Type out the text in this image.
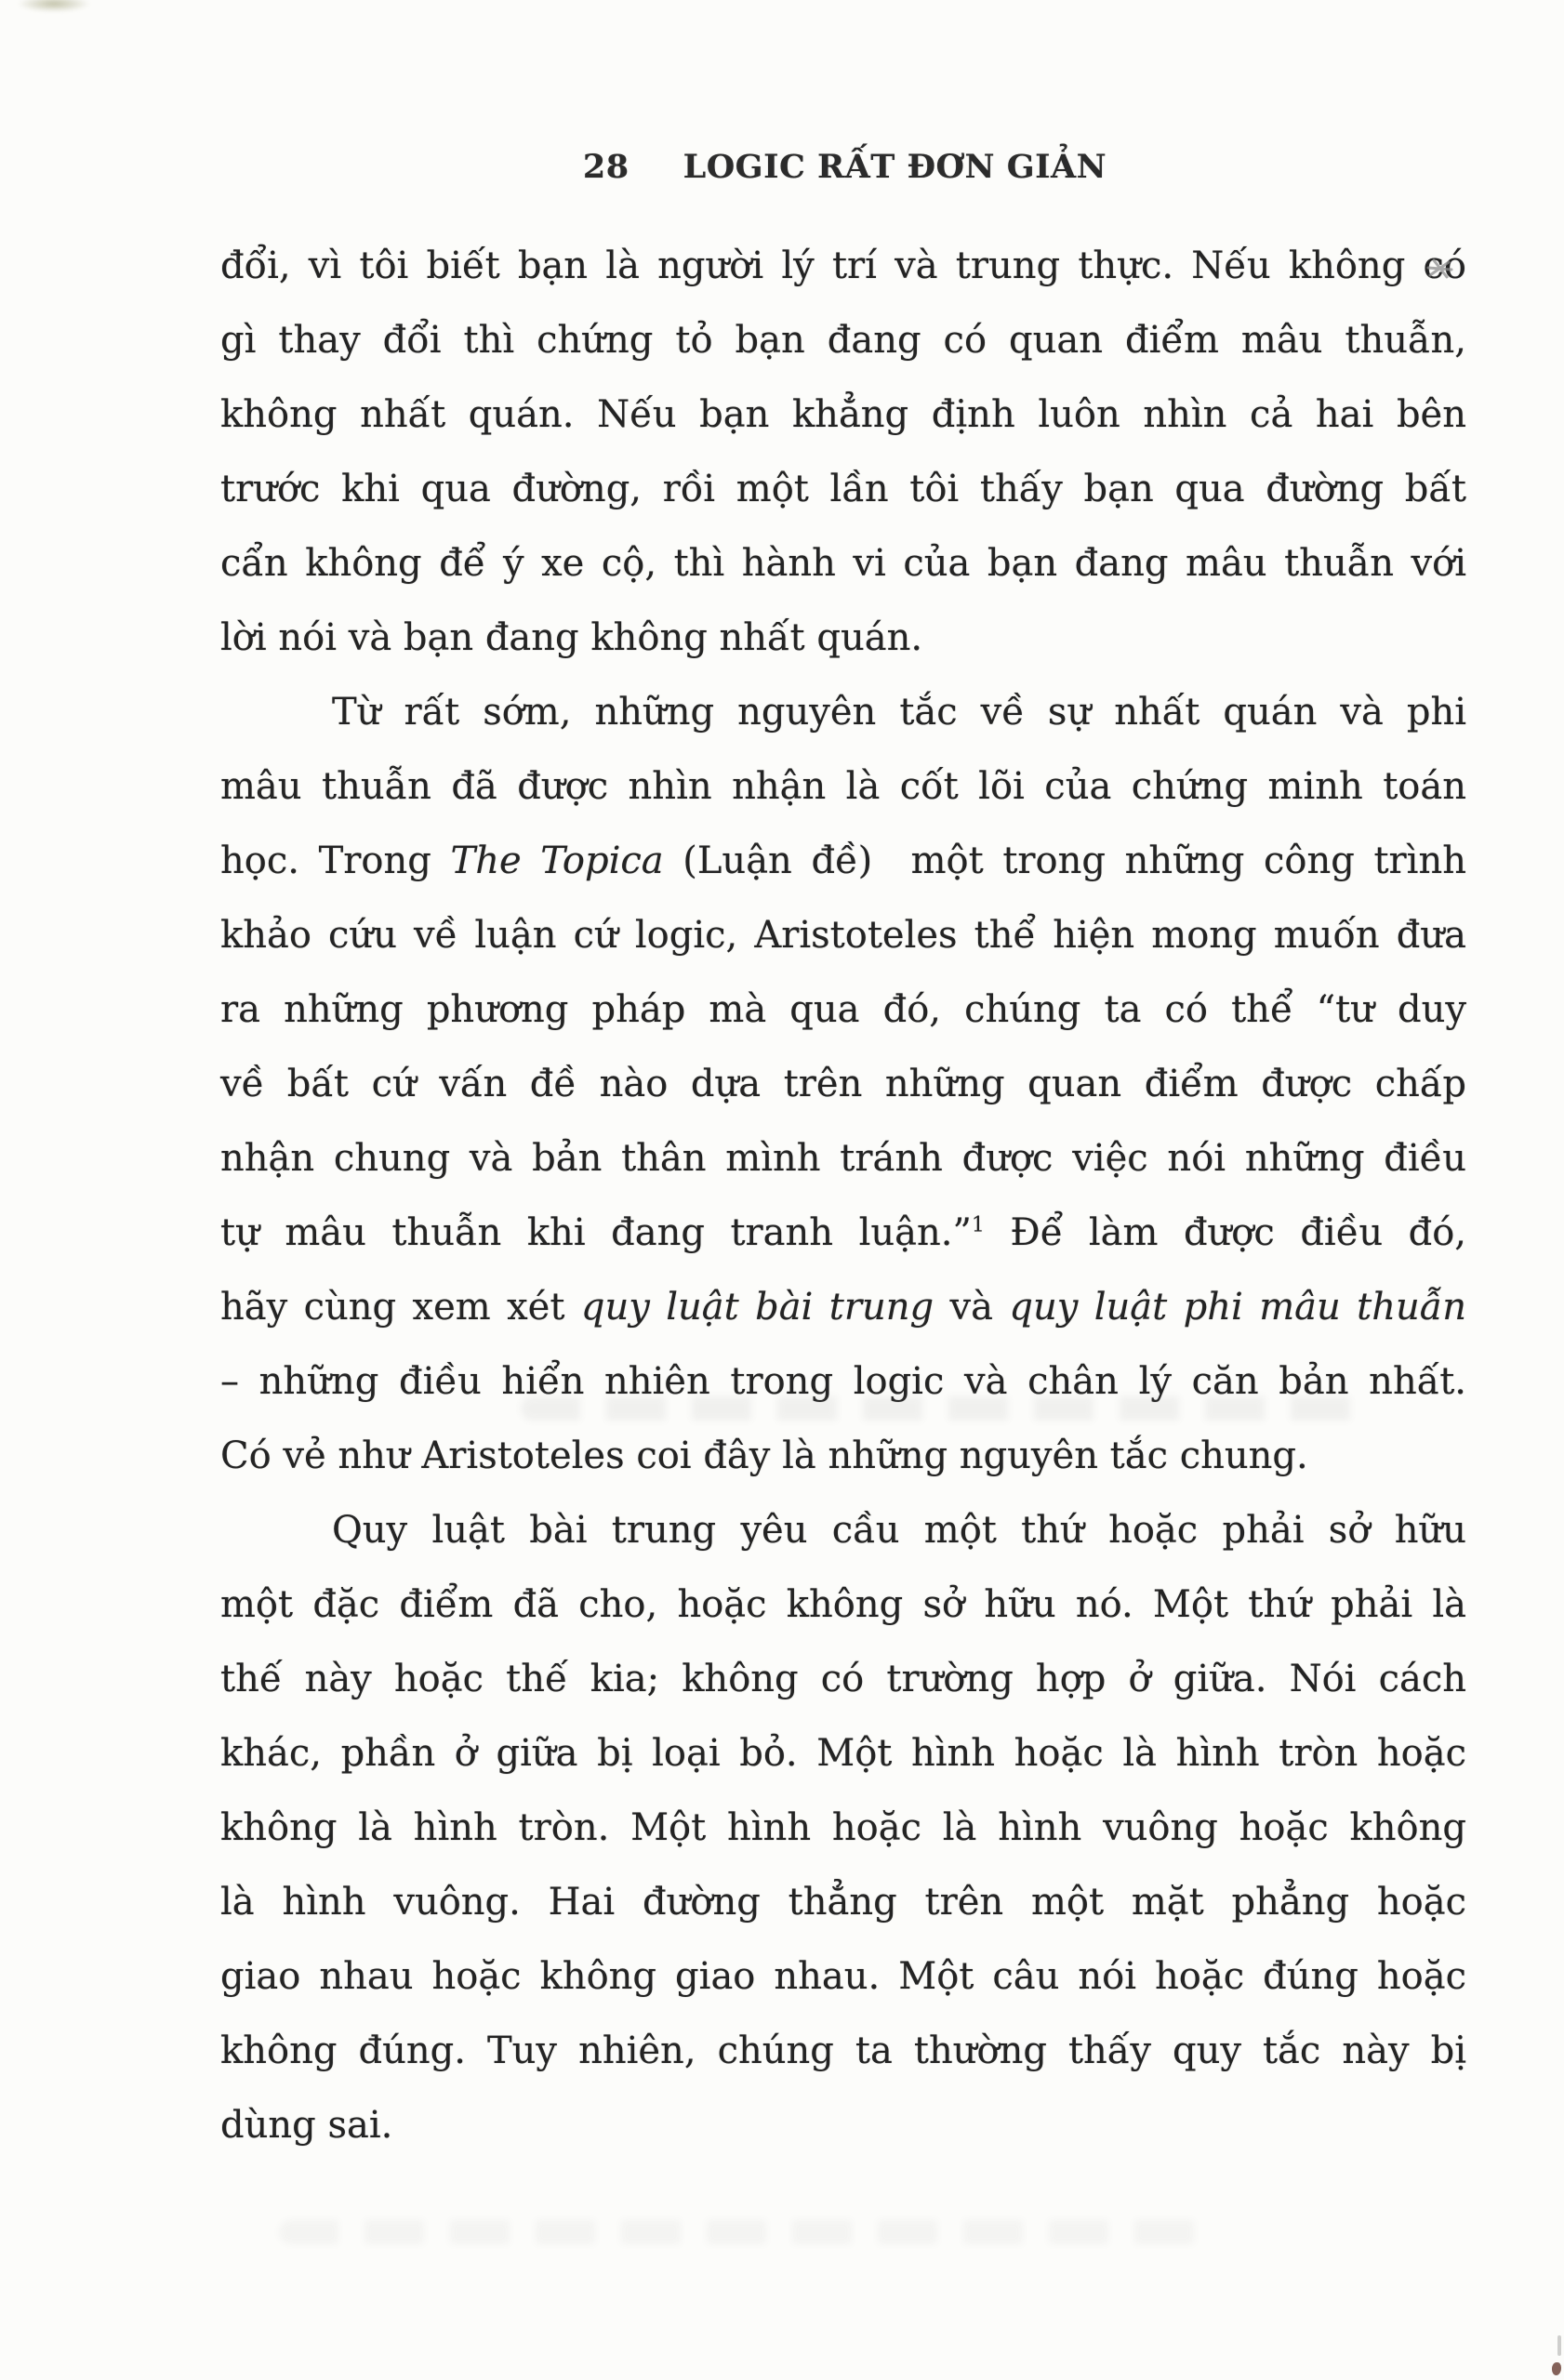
28 LOGIC RẤT ĐƠN GIẢN
đổi, vì tôi biết bạn là người lý trí và trung thực. Nếu không có
gì thay đổi thì chứng tỏ bạn đang có quan điểm mâu thuẫn,
không nhất quán. Nếu bạn khẳng định luôn nhìn cả hai bên
trước khi qua đường, rồi một lần tôi thấy bạn qua đường bất
cẩn không để ý xe cộ, thì hành vi của bạn đang mâu thuẫn với
lời nói và bạn đang không nhất quán.
Từ rất sớm, những nguyên tắc về sự nhất quán và phi
mâu thuẫn đã được nhìn nhận là cốt lõi của chứng minh toán
học. Trong The Topica (Luận đề)  một trong những công trình
khảo cứu về luận cứ logic, Aristoteles thể hiện mong muốn đưa
ra những phương pháp mà qua đó, chúng ta có thể “tư duy
về bất cứ vấn đề nào dựa trên những quan điểm được chấp
nhận chung và bản thân mình tránh được việc nói những điều
tự mâu thuẫn khi đang tranh luận.”$^1$ Để làm được điều đó,
hãy cùng xem xét quy luật bài trung và quy luật phi mâu thuẫn
– những điều hiển nhiên trong logic và chân lý căn bản nhất.
Có vẻ như Aristoteles coi đây là những nguyên tắc chung.
Quy luật bài trung yêu cầu một thứ hoặc phải sở hữu
một đặc điểm đã cho, hoặc không sở hữu nó. Một thứ phải là
thế này hoặc thế kia; không có trường hợp ở giữa. Nói cách
khác, phần ở giữa bị loại bỏ. Một hình hoặc là hình tròn hoặc
không là hình tròn. Một hình hoặc là hình vuông hoặc không
là hình vuông. Hai đường thẳng trên một mặt phẳng hoặc
giao nhau hoặc không giao nhau. Một câu nói hoặc đúng hoặc
không đúng. Tuy nhiên, chúng ta thường thấy quy tắc này bị
dùng sai.
